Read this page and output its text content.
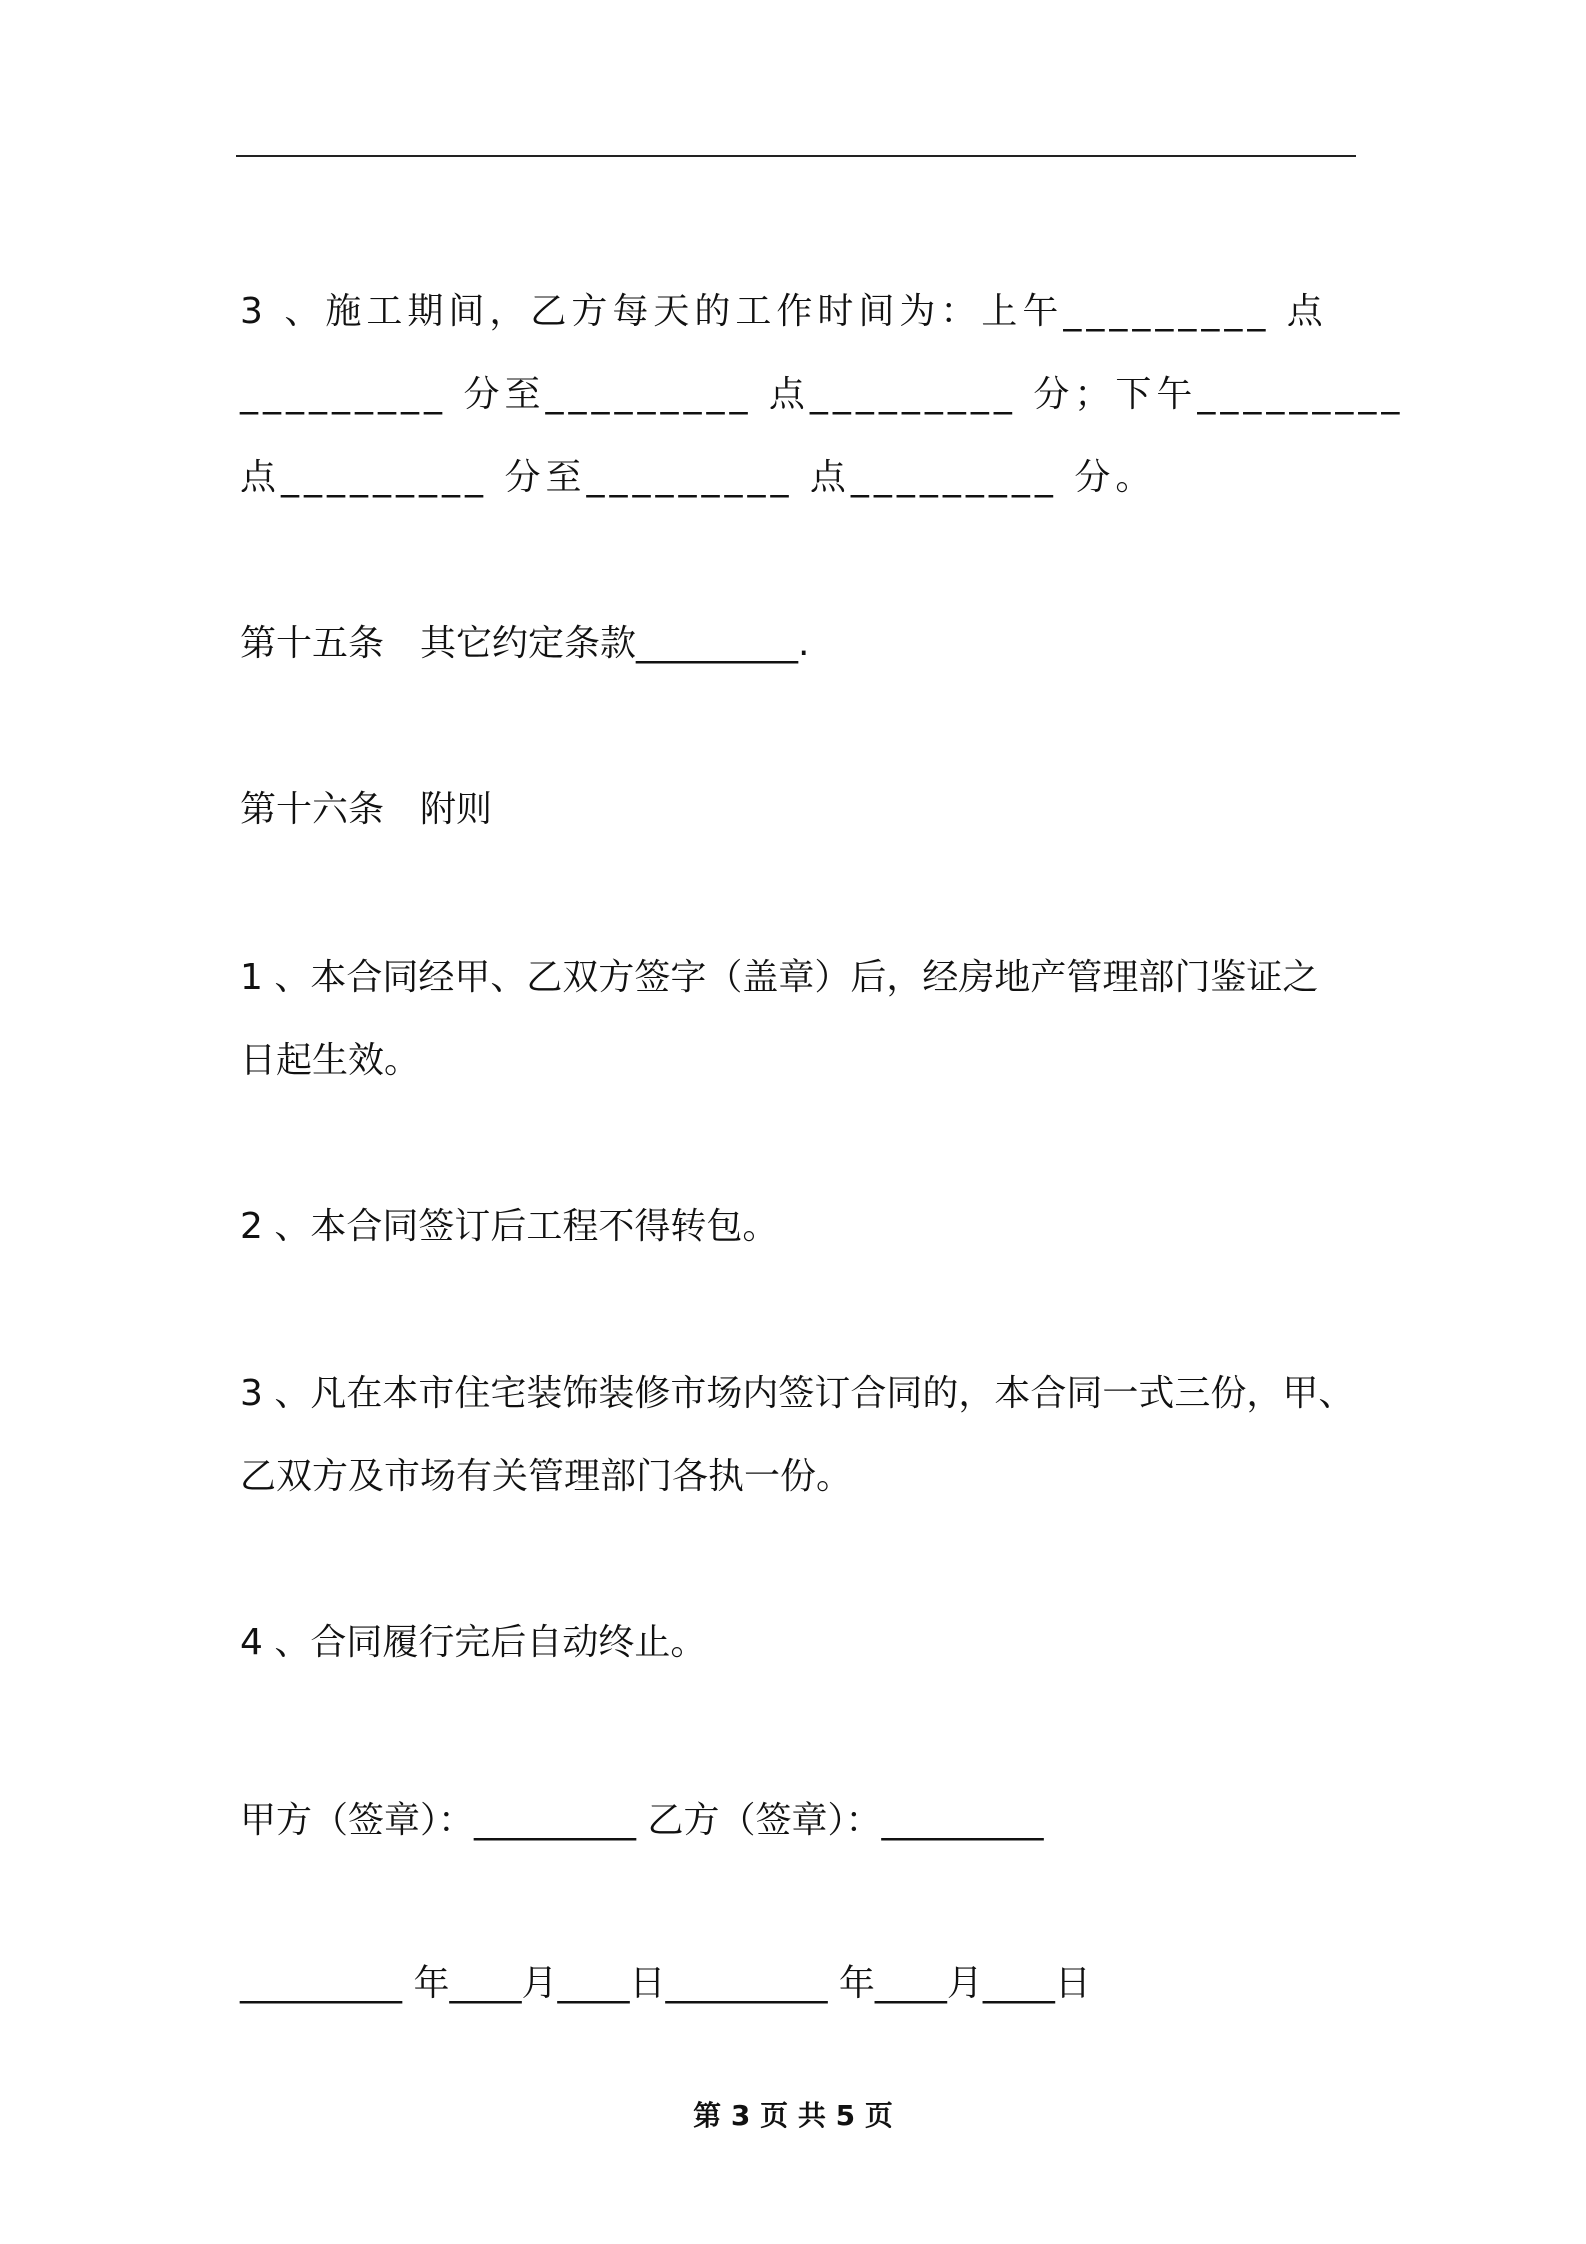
3 、施工期间，乙方每天的工作时间为：上午_________ 点
_________ 分至_________ 点_________ 分；下午_________
点_________ 分至_________ 点_________ 分。
第十五条　其它约定条款_________.
第十六条　附则
1 、本合同经甲、乙双方签字（盖章）后，经房地产管理部门鉴证之
日起生效。
2 、本合同签订后工程不得转包。
3 、凡在本市住宅装饰装修市场内签订合同的，本合同一式三份，甲、
乙双方及市场有关管理部门各执一份。
4 、合同履行完后自动终止。
甲方（签章）：_________ 乙方（签章）：_________
_________ 年____月____日_________ 年____月____日
第 3 页 共 5 页
